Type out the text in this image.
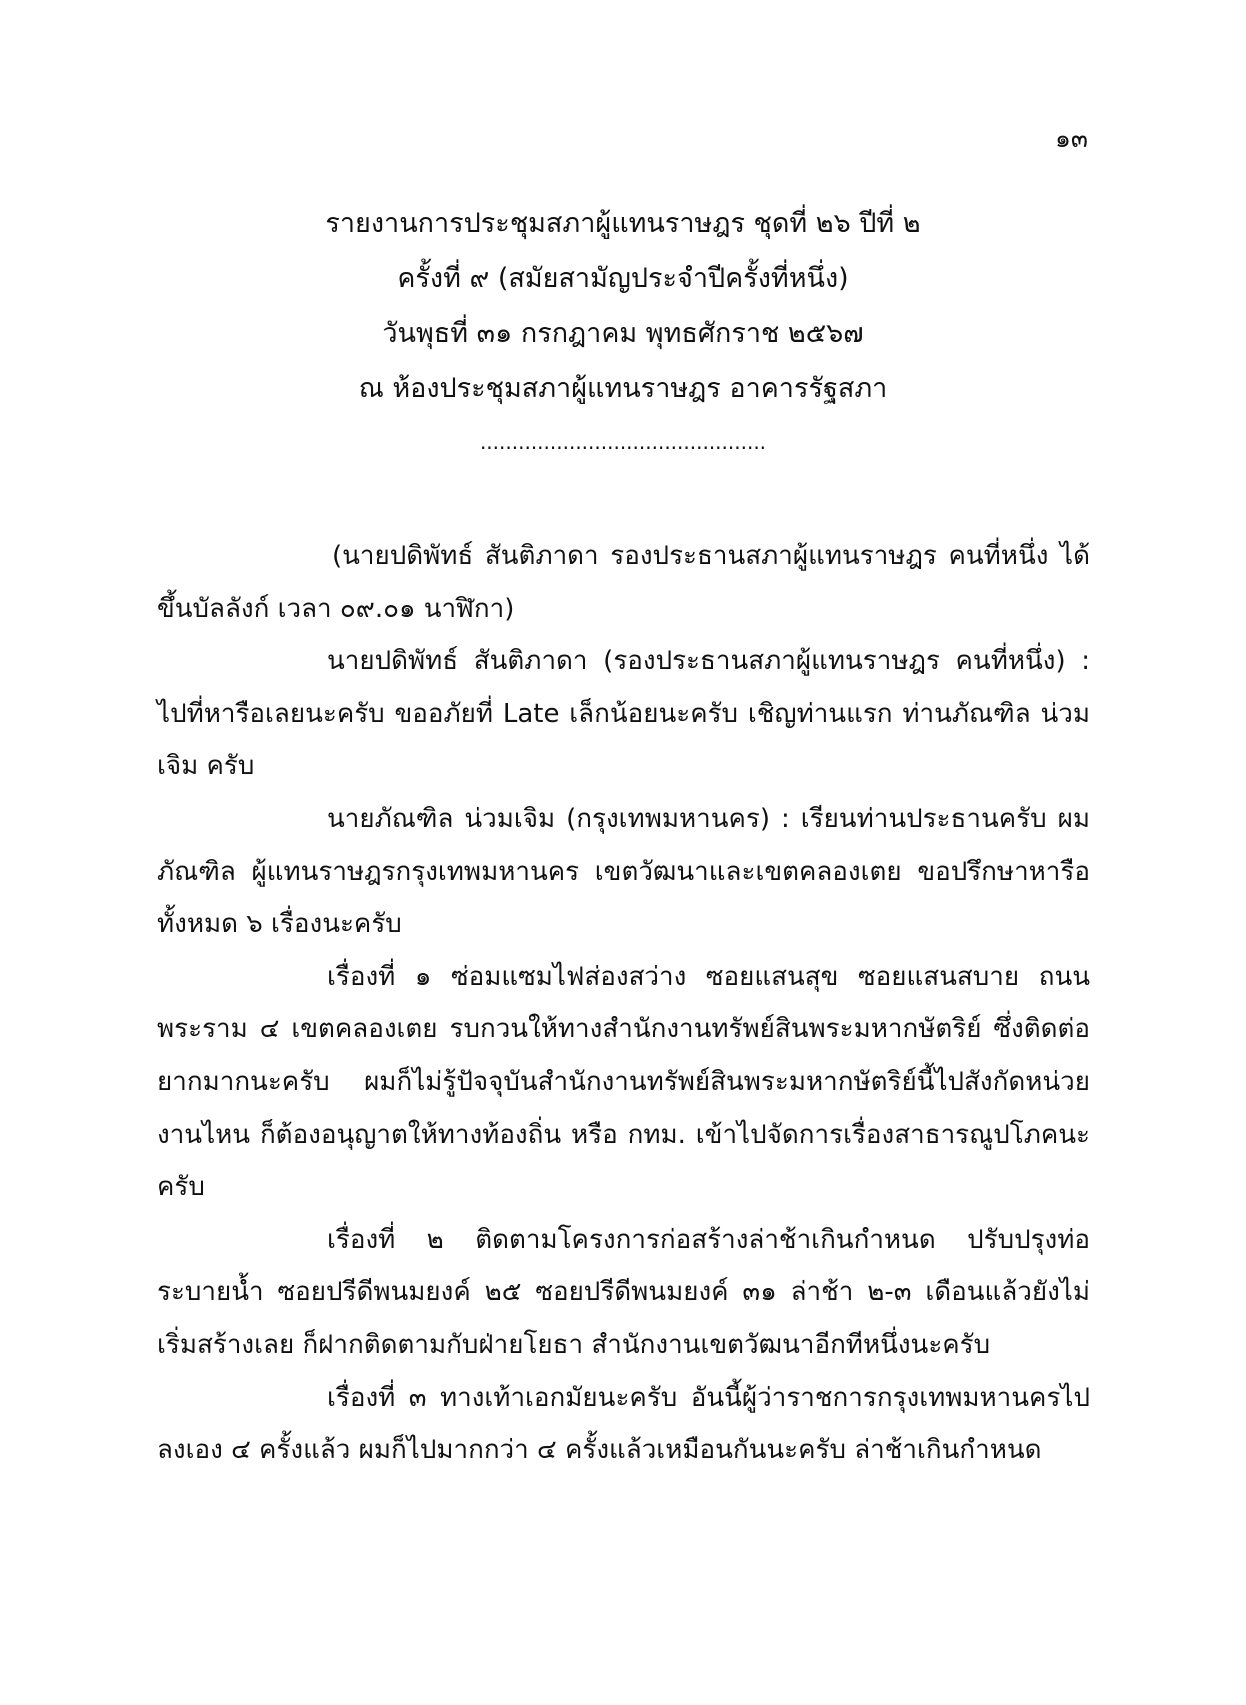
๑๓
รายงานการประชุมสภาผู้แทนราษฎร ชุดที่ ๒๖ ปีที่ ๒
ครั้งที่ ๙ (สมัยสามัญประจำปีครั้งที่หนึ่ง)
วันพุธที่ ๓๑ กรกฎาคม พุทธศักราช ๒๕๖๗
ณ ห้องประชุมสภาผู้แทนราษฎร อาคารรัฐสภา
.............................................

(นายปดิพัทธ์ สันติภาดา รองประธานสภาผู้แทนราษฎร คนที่หนึ่ง ได้ขึ้นบัลลังก์ เวลา ๐๙.๐๑ นาฬิกา)

นายปดิพัทธ์ สันติภาดา (รองประธานสภาผู้แทนราษฎร คนที่หนึ่ง) : ไปที่หารือเลยนะครับ ขออภัยที่ Late เล็กน้อยนะครับ เชิญท่านแรก ท่านภัณฑิล น่วมเจิม ครับ

นายภัณฑิล น่วมเจิม (กรุงเทพมหานคร) : เรียนท่านประธานครับ ผม ภัณฑิล ผู้แทนราษฎรกรุงเทพมหานคร เขตวัฒนาและเขตคลองเตย ขอปรึกษาหารือทั้งหมด ๖ เรื่องนะครับ

เรื่องที่ ๑ ซ่อมแซมไฟส่องสว่าง ซอยแสนสุข ซอยแสนสบาย ถนนพระราม ๔ เขตคลองเตย รบกวนให้ทางสำนักงานทรัพย์สินพระมหากษัตริย์ ซึ่งติดต่อยากมากนะครับ ผมก็ไม่รู้ปัจจุบันสำนักงานทรัพย์สินพระมหากษัตริย์นี้ไปสังกัดหน่วยงานไหน ก็ต้องอนุญาตให้ทางท้องถิ่น หรือ กทม. เข้าไปจัดการเรื่องสาธารณูปโภคนะครับ

เรื่องที่ ๒ ติดตามโครงการก่อสร้างล่าช้าเกินกำหนด ปรับปรุงท่อระบายน้ำ ซอยปรีดีพนมยงค์ ๒๕ ซอยปรีดีพนมยงค์ ๓๑ ล่าช้า ๒-๓ เดือนแล้วยังไม่เริ่มสร้างเลย ก็ฝากติดตามกับฝ่ายโยธา สำนักงานเขตวัฒนาอีกทีหนึ่งนะครับ

เรื่องที่ ๓ ทางเท้าเอกมัยนะครับ อันนี้ผู้ว่าราชการกรุงเทพมหานครไปลงเอง ๔ ครั้งแล้ว ผมก็ไปมากกว่า ๔ ครั้งแล้วเหมือนกันนะครับ ล่าช้าเกินกำหนด
